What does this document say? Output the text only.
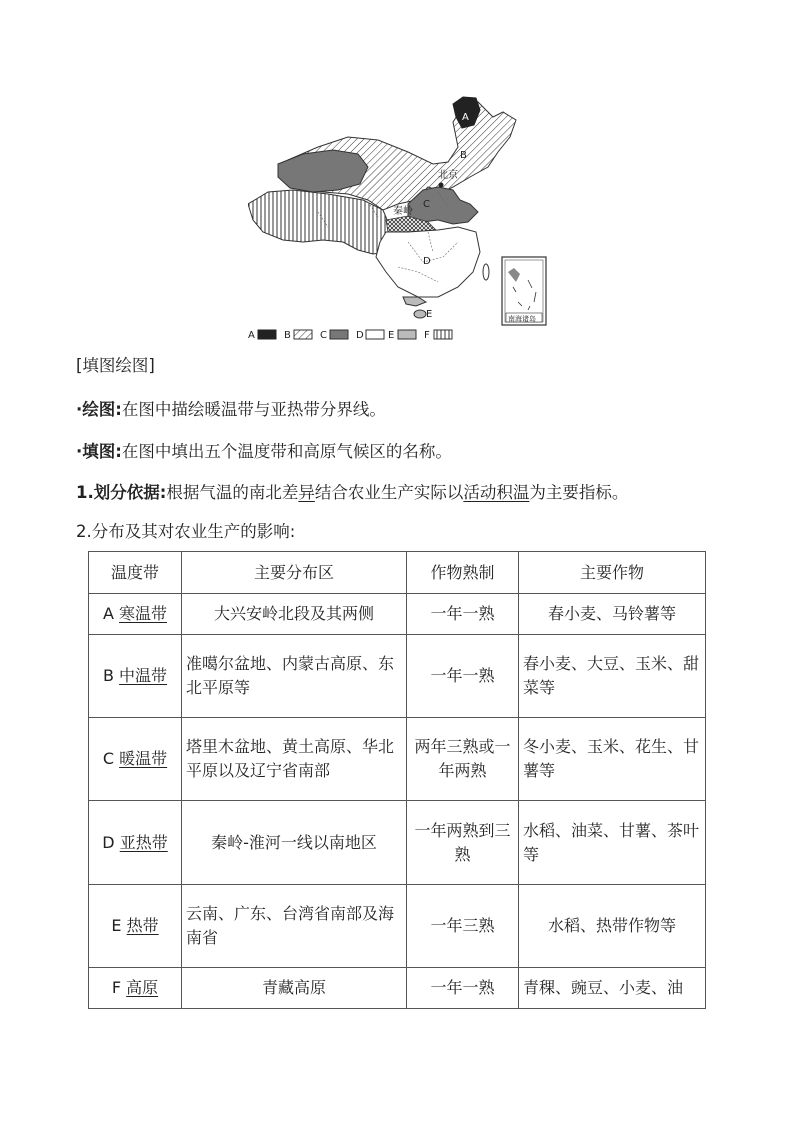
A
B
C
D
E
北京
秦岭
南海诸岛
A	B	C	D E	F
[填图绘图]
·绘图:在图中描绘暖温带与亚热带分界线。
·填图:在图中填出五个温度带和高原气候区的名称。
1.划分依据:根据气温的南北差异结合农业生产实际以活动积温为主要指标。
2.分布及其对农业生产的影响:
温度带	主要分布区	作物熟制	主要作物
A 寒温带	大兴安岭北段及其两侧	一年一熟	春小麦、马铃薯等
B 中温带	准噶尔盆地、内蒙古高原、东北平原等	一年一熟	春小麦、大豆、玉米、甜菜等
C 暖温带	塔里木盆地、黄土高原、华北平原以及辽宁省南部	两年三熟或一年两熟	冬小麦、玉米、花生、甘薯等
D 亚热带	秦岭-淮河一线以南地区	一年两熟到三熟	水稻、油菜、甘薯、茶叶等
E 热带	云南、广东、台湾省南部及海南省	一年三熟	水稻、热带作物等
F 高原	青藏高原	一年一熟	青稞、豌豆、小麦、油
